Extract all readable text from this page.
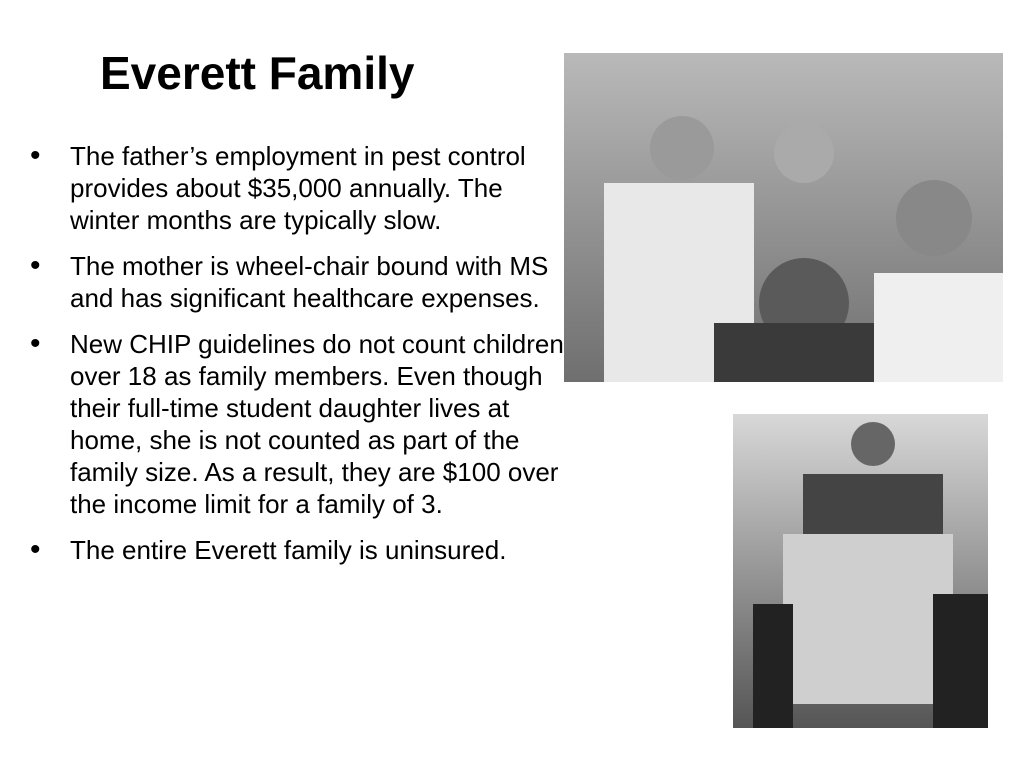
Everett Family
• The father’s employment in pest control provides about $35,000 annually. The winter months are typically slow.
• The mother is wheel-chair bound with MS and has significant healthcare expenses.
• New CHIP guidelines do not count children over 18 as family members. Even though their full-time student daughter lives at home, she is not counted as part of the family size. As a result, they are $100 over the income limit for a family of 3.
• The entire Everett family is uninsured.
